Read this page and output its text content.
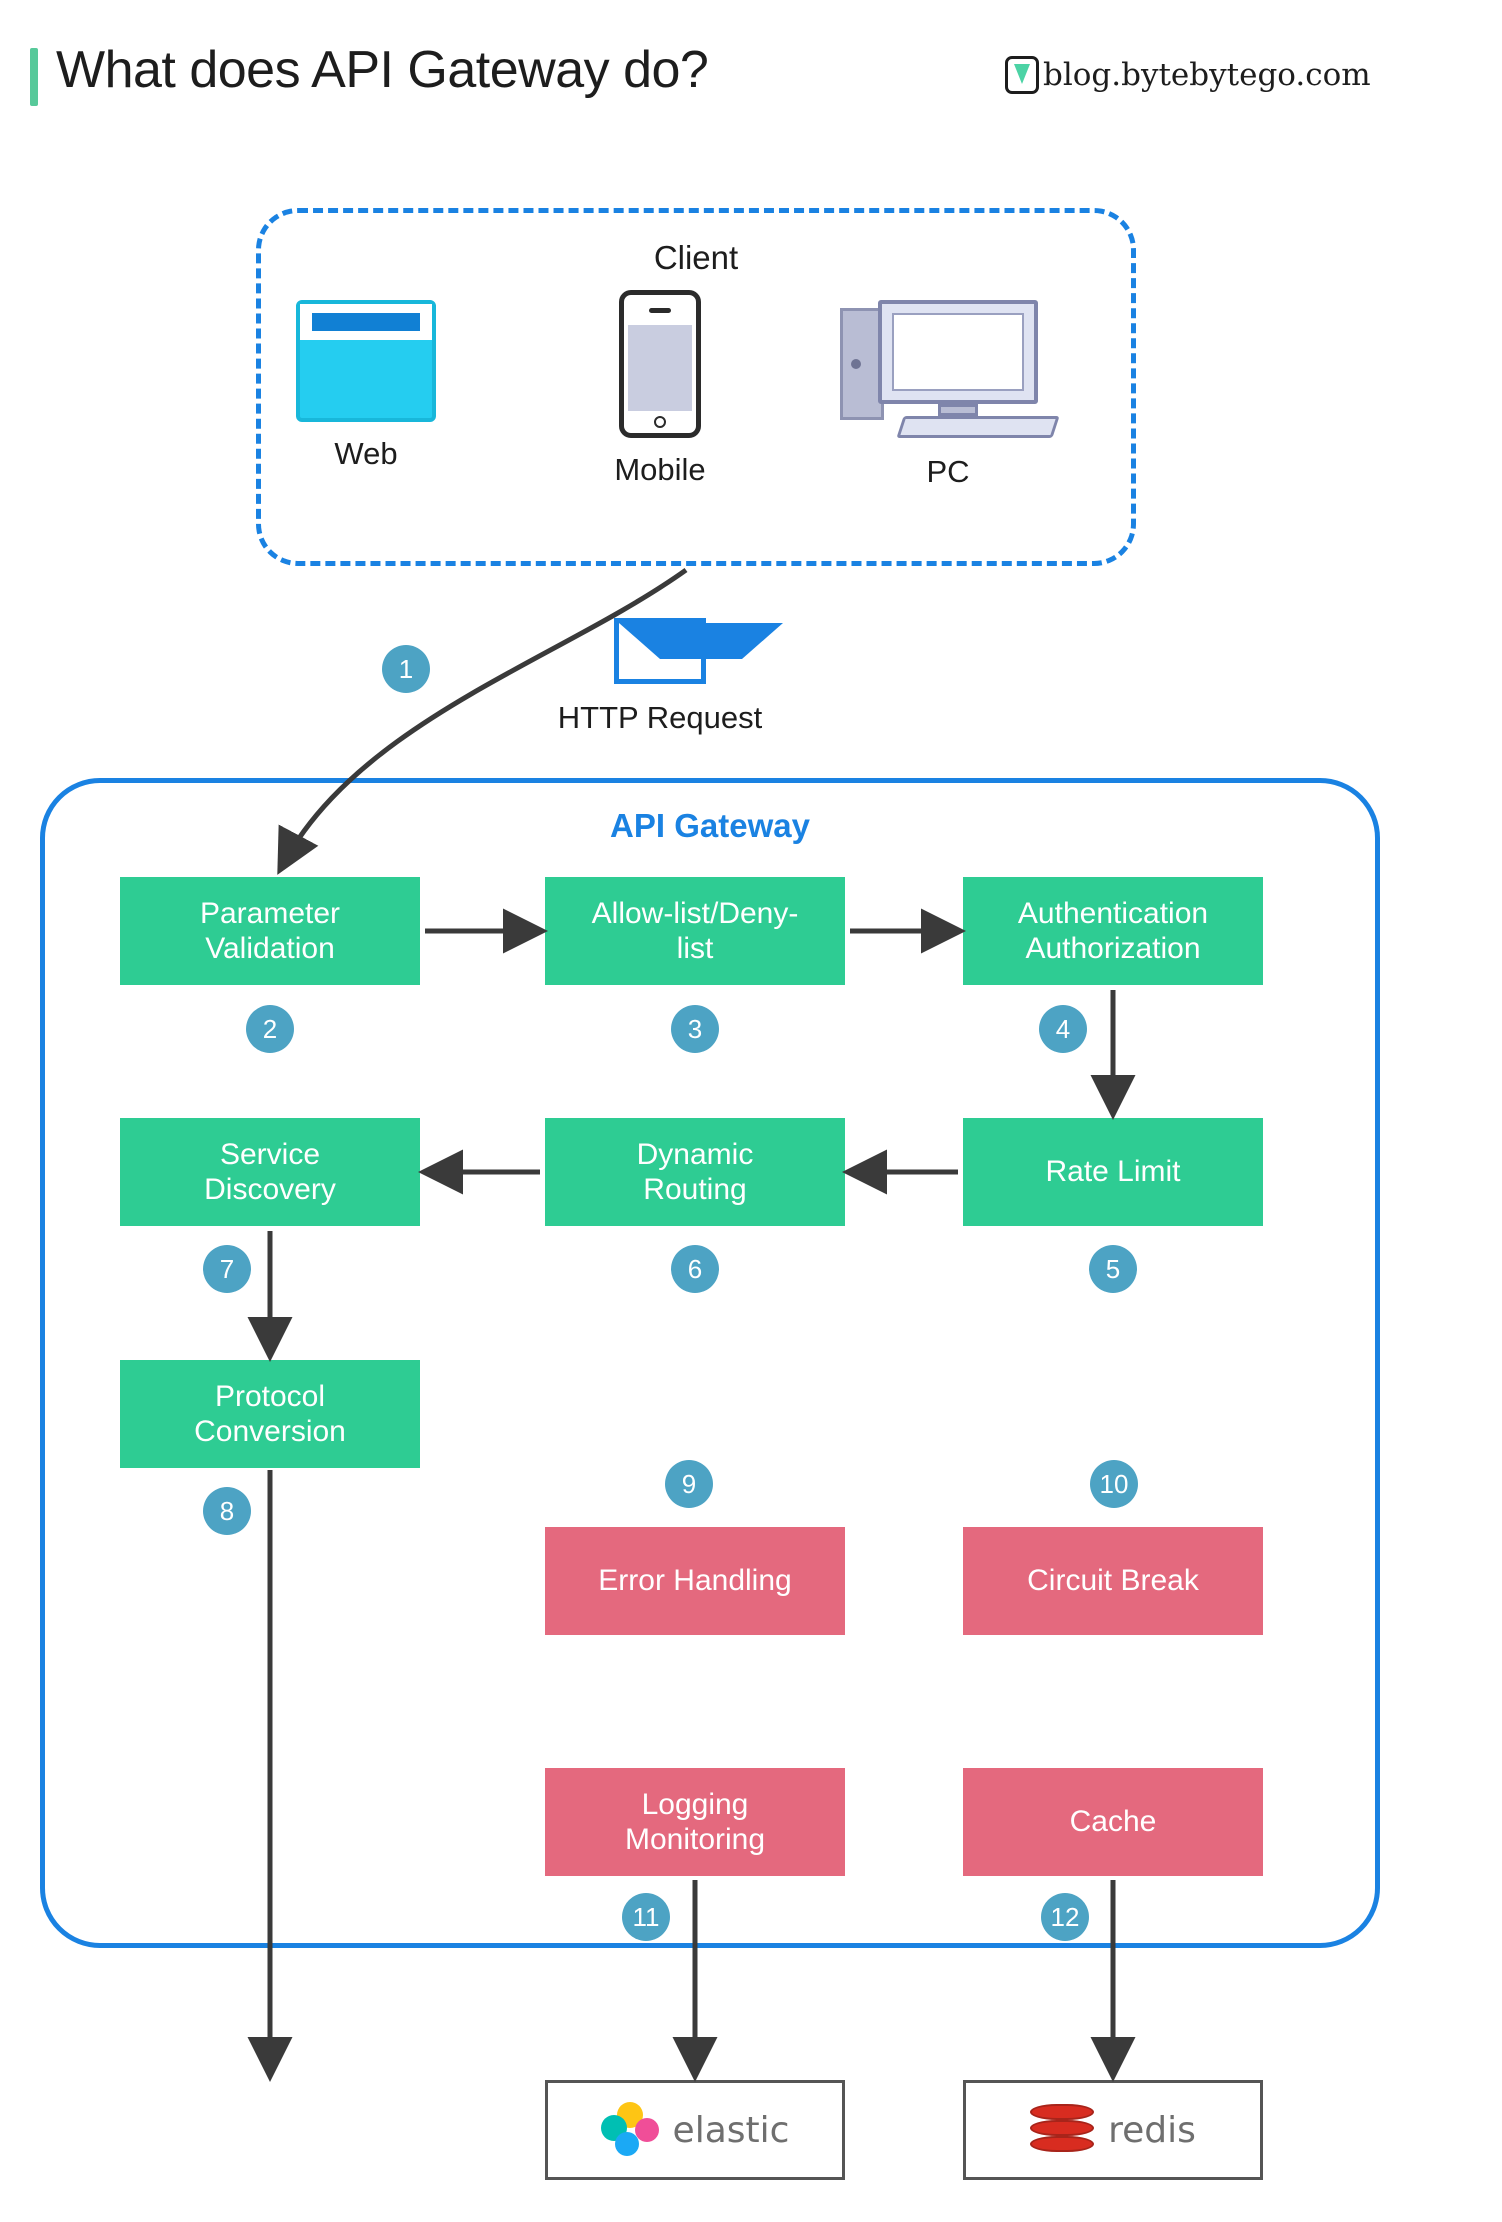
What does API Gateway do?	blog.bytebytego.com
Client
Web	Mobile	PC
HTTP Request
1
API Gateway
Parameter
Validation
2
Allow-list/Deny-
list
3
Authentication
Authorization
4
Service
Discovery
7
Dynamic
Routing
6
Rate Limit
5
Protocol
Conversion
8
9
Error Handling
10
Circuit Break
Logging
Monitoring
11
Cache
12
Microservices	elastic	redis
